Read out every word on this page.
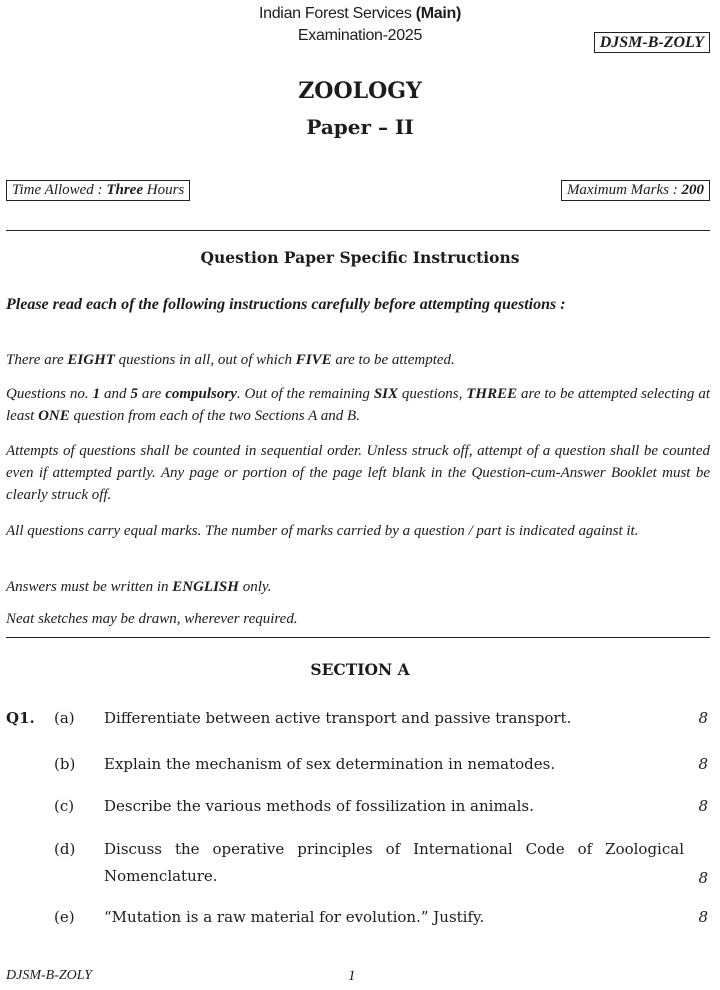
Indian Forest Services (Main)
Examination-2025	DJSM-B-ZOLY
ZOOLOGY
Paper – II
Time Allowed : Three Hours	Maximum Marks : 200
Question Paper Specific Instructions
Please read each of the following instructions carefully before attempting questions :
There are EIGHT questions in all, out of which FIVE are to be attempted.
Questions no. 1 and 5 are compulsory. Out of the remaining SIX questions, THREE are to be attempted selecting at least ONE question from each of the two Sections A and B.
Attempts of questions shall be counted in sequential order. Unless struck off, attempt of a question shall be counted even if attempted partly. Any page or portion of the page left blank in the Question-cum-Answer Booklet must be clearly struck off.
All questions carry equal marks. The number of marks carried by a question / part is indicated against it.
Answers must be written in ENGLISH only.
Neat sketches may be drawn, wherever required.
SECTION A
Q1. (a) Differentiate between active transport and passive transport.	8
(b) Explain the mechanism of sex determination in nematodes.	8
(c) Describe the various methods of fossilization in animals.	8
(d) Discuss the operative principles of International Code of Zoological Nomenclature.	8
(e) “Mutation is a raw material for evolution.” Justify.	8
DJSM-B-ZOLY	1
